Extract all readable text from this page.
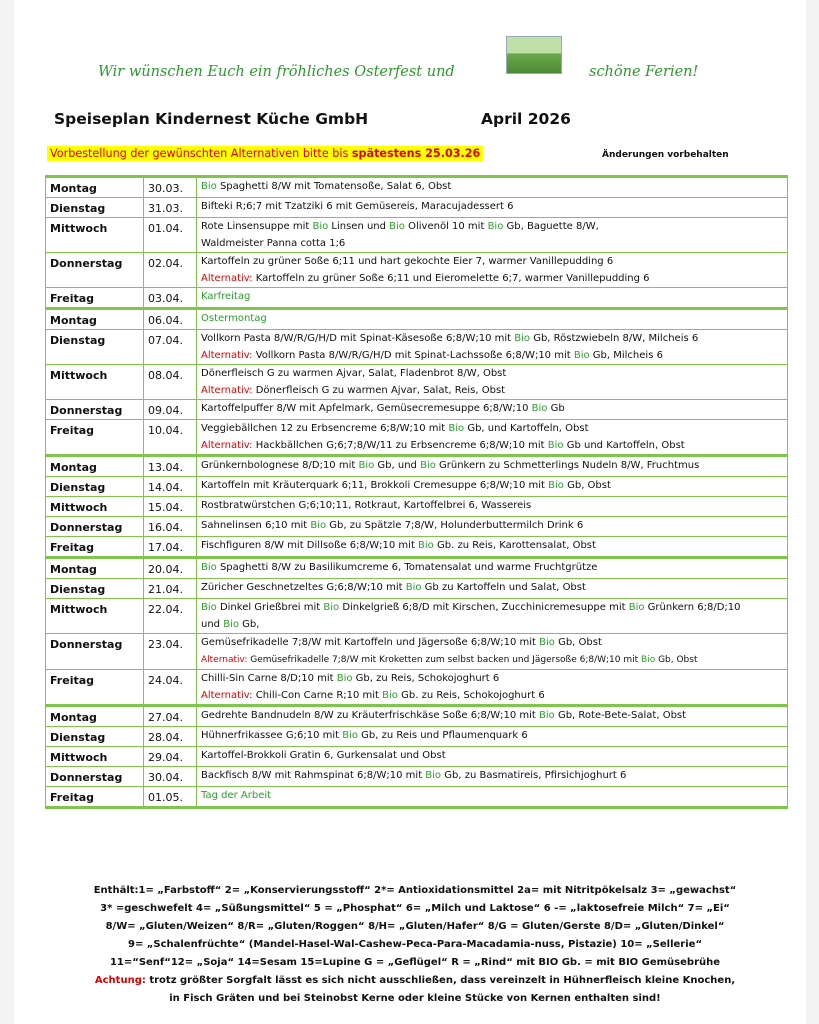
Wir wünschen Euch ein fröhliches Osterfest und	schöne Ferien!
Speiseplan Kindernest Küche GmbH	April 2026
Vorbestellung der gewünschten Alternativen bitte bis spätestens 25.03.26	Änderungen vorbehalten
Montag	30.03.	Bio Spaghetti 8/W mit Tomatensoße, Salat 6, Obst
Dienstag	31.03.	Bifteki R;6;7 mit Tzatziki 6 mit Gemüsereis, Maracujadessert 6
Mittwoch	01.04.	Rote Linsensuppe mit Bio Linsen und Bio Olivenöl 10 mit Bio Gb, Baguette 8/W,
Waldmeister Panna cotta 1;6
Donnerstag	02.04.	Kartoffeln zu grüner Soße 6;11 und hart gekochte Eier 7, warmer Vanillepudding 6
Alternativ: Kartoffeln zu grüner Soße 6;11 und Eieromelette 6;7, warmer Vanillepudding 6
Freitag	03.04.	Karfreitag
Montag	06.04.	Ostermontag
Dienstag	07.04.	Vollkorn Pasta 8/W/R/G/H/D mit Spinat-Käsesoße 6;8/W;10 mit Bio Gb, Röstzwiebeln 8/W, Milcheis 6
Alternativ: Vollkorn Pasta 8/W/R/G/H/D mit Spinat-Lachssoße 6;8/W;10 mit Bio Gb, Milcheis 6
Mittwoch	08.04.	Dönerfleisch G zu warmen Ajvar, Salat, Fladenbrot 8/W, Obst
Alternativ: Dönerfleisch G zu warmen Ajvar, Salat, Reis, Obst
Donnerstag	09.04.	Kartoffelpuffer 8/W mit Apfelmark, Gemüsecremesuppe 6;8/W;10 Bio Gb
Freitag	10.04.	Veggiebällchen 12 zu Erbsencreme 6;8/W;10 mit Bio Gb, und Kartoffeln, Obst
Alternativ: Hackbällchen G;6;7;8/W/11 zu Erbsencreme 6;8/W;10 mit Bio Gb und Kartoffeln, Obst
Montag	13.04.	Grünkernbolognese 8/D;10 mit Bio Gb, und Bio Grünkern zu Schmetterlings Nudeln 8/W, Fruchtmus
Dienstag	14.04.	Kartoffeln mit Kräuterquark 6;11, Brokkoli Cremesuppe 6;8/W;10 mit Bio Gb, Obst
Mittwoch	15.04.	Rostbratwürstchen G;6;10;11, Rotkraut, Kartoffelbrei 6, Wassereis
Donnerstag	16.04.	Sahnelinsen 6;10 mit Bio Gb, zu Spätzle 7;8/W, Holunderbuttermilch Drink 6
Freitag	17.04.	Fischfiguren 8/W mit Dillsoße 6;8/W;10 mit Bio Gb. zu Reis, Karottensalat, Obst
Montag	20.04.	Bio Spaghetti 8/W zu Basilikumcreme 6, Tomatensalat und warme Fruchtgrütze
Dienstag	21.04.	Züricher Geschnetzeltes G;6;8/W;10 mit Bio Gb zu Kartoffeln und Salat, Obst
Mittwoch	22.04.	Bio Dinkel Grießbrei mit Bio Dinkelgrieß 6;8/D mit Kirschen, Zucchinicremesuppe mit Bio Grünkern 6;8/D;10
und Bio Gb,
Donnerstag	23.04.	Gemüsefrikadelle 7;8/W mit Kartoffeln und Jägersoße 6;8/W;10 mit Bio Gb, Obst
Alternativ: Gemüsefrikadelle 7;8/W mit Kroketten zum selbst backen und Jägersoße 6;8/W;10 mit Bio Gb, Obst
Freitag	24.04.	Chilli-Sin Carne 8/D;10 mit Bio Gb, zu Reis, Schokojoghurt 6
Alternativ: Chili-Con Carne R;10 mit Bio Gb. zu Reis, Schokojoghurt 6
Montag	27.04.	Gedrehte Bandnudeln 8/W zu Kräuterfrischkäse Soße 6;8/W;10 mit Bio Gb, Rote-Bete-Salat, Obst
Dienstag	28.04.	Hühnerfrikassee G;6;10 mit Bio Gb, zu Reis und Pflaumenquark 6
Mittwoch	29.04.	Kartoffel-Brokkoli Gratin 6, Gurkensalat und Obst
Donnerstag	30.04.	Backfisch 8/W mit Rahmspinat 6;8/W;10 mit Bio Gb, zu Basmatireis, Pfirsichjoghurt 6
Freitag	01.05.	Tag der Arbeit
Enthält:1= „Farbstoff“ 2= „Konservierungsstoff“ 2*= Antioxidationsmittel 2a= mit Nitritpökelsalz 3= „gewachst“
3* =geschwefelt 4= „Süßungsmittel“ 5 = „Phosphat“ 6= „Milch und Laktose“ 6 -= „laktosefreie Milch“ 7= „Ei“
8/W= „Gluten/Weizen“ 8/R= „Gluten/Roggen“ 8/H= „Gluten/Hafer“ 8/G = Gluten/Gerste 8/D= „Gluten/Dinkel“
9= „Schalenfrüchte“ (Mandel-Hasel-Wal-Cashew-Peca-Para-Macadamia-nuss, Pistazie) 10= „Sellerie“
11=“Senf“12= „Soja“ 14=Sesam 15=Lupine G = „Geflügel“ R = „Rind“ mit BIO Gb. = mit BIO Gemüsebrühe
Achtung: trotz größter Sorgfalt lässt es sich nicht ausschließen, dass vereinzelt in Hühnerfleisch kleine Knochen,
in Fisch Gräten und bei Steinobst Kerne oder kleine Stücke von Kernen enthalten sind!
